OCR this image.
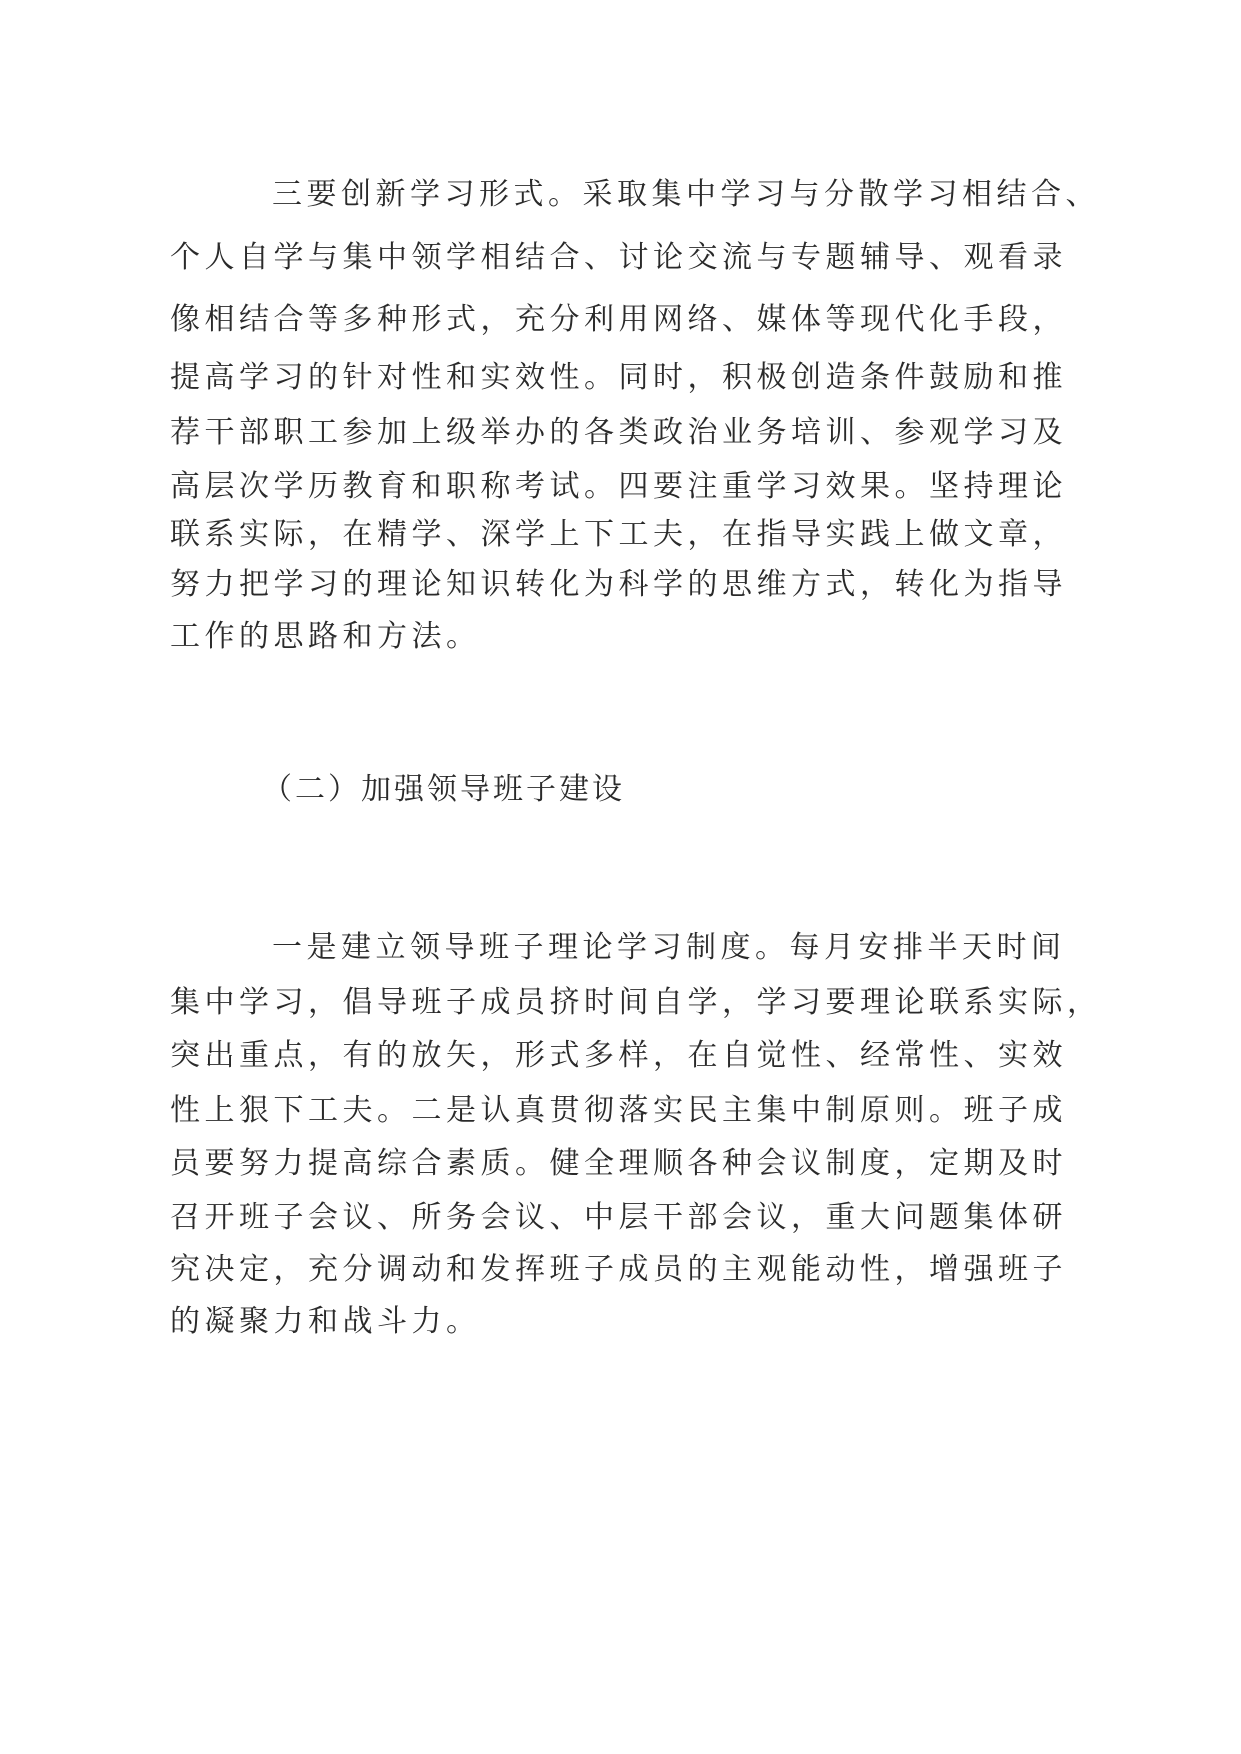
三要创新学习形式。采取集中学习与分散学习相结合、
个人自学与集中领学相结合、讨论交流与专题辅导、观看录
像相结合等多种形式，充分利用网络、媒体等现代化手段，
提高学习的针对性和实效性。同时，积极创造条件鼓励和推
荐干部职工参加上级举办的各类政治业务培训、参观学习及
高层次学历教育和职称考试。四要注重学习效果。坚持理论
联系实际，在精学、深学上下工夫，在指导实践上做文章，
努力把学习的理论知识转化为科学的思维方式，转化为指导
工作的思路和方法。
（二）加强领导班子建设
一是建立领导班子理论学习制度。每月安排半天时间
集中学习，倡导班子成员挤时间自学，学习要理论联系实际，
突出重点，有的放矢，形式多样，在自觉性、经常性、实效
性上狠下工夫。二是认真贯彻落实民主集中制原则。班子成
员要努力提高综合素质。健全理顺各种会议制度，定期及时
召开班子会议、所务会议、中层干部会议，重大问题集体研
究决定，充分调动和发挥班子成员的主观能动性，增强班子
的凝聚力和战斗力。
